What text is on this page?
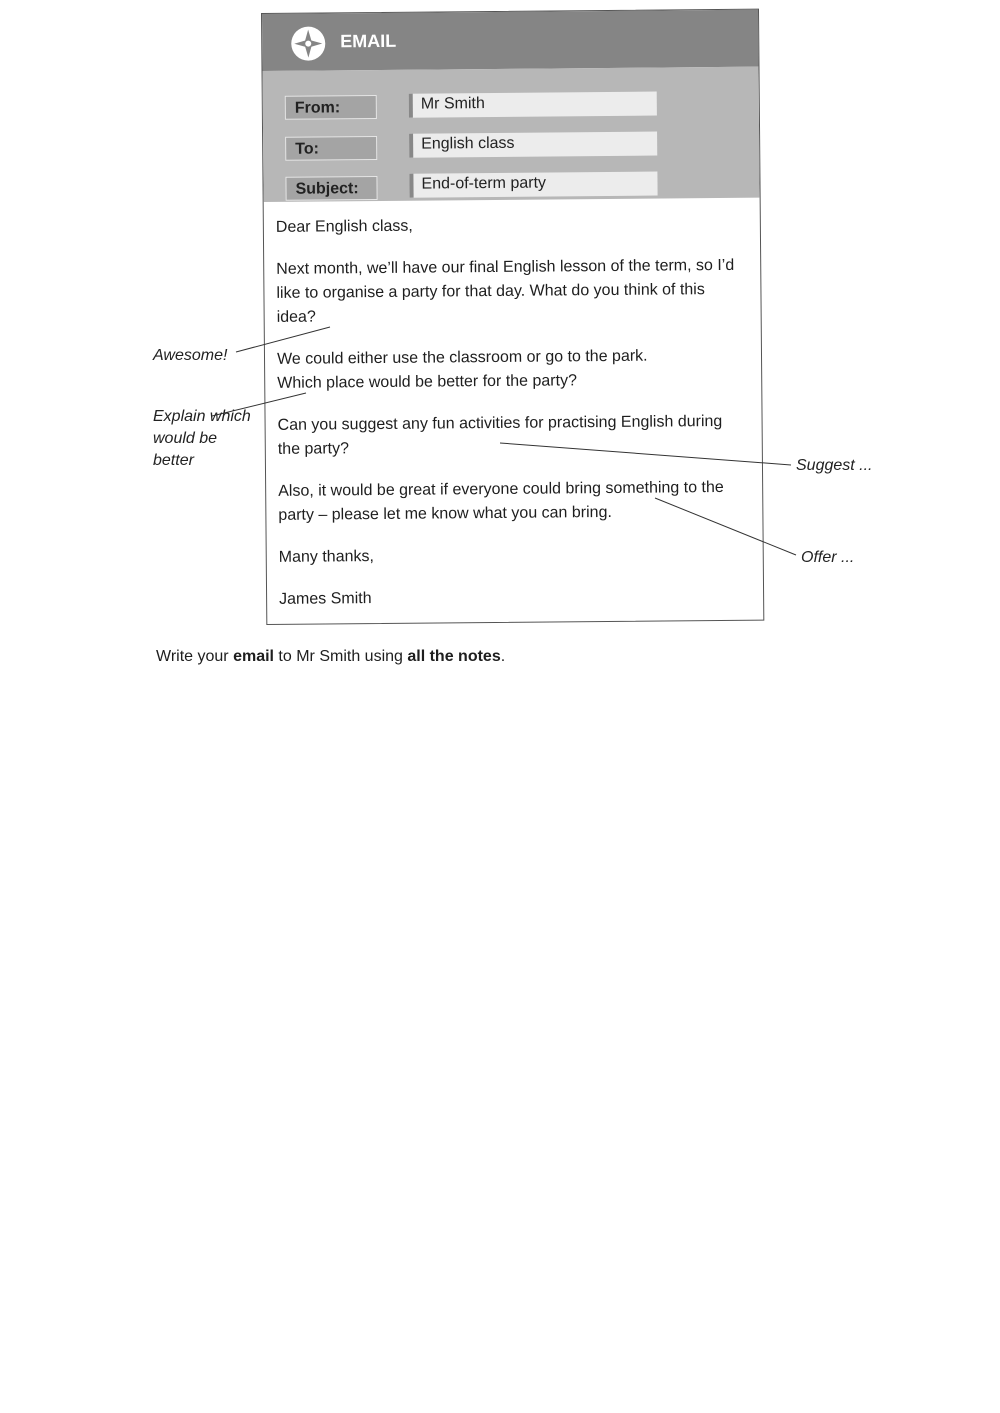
EMAIL
From:	Mr Smith
To:	English class
Subject:	End-of-term party

Dear English class,

Next month, we’ll have our final English lesson of the term, so I’d like to organise a party for that day. What do you think of this idea?

We could either use the classroom or go to the park.
Which place would be better for the party?

Can you suggest any fun activities for practising English during the party?

Also, it would be great if everyone could bring something to the party – please let me know what you can bring.

Many thanks,

James Smith

Awesome!
Explain which would be better	Suggest ...
Offer ...
Write your email to Mr Smith using all the notes.
